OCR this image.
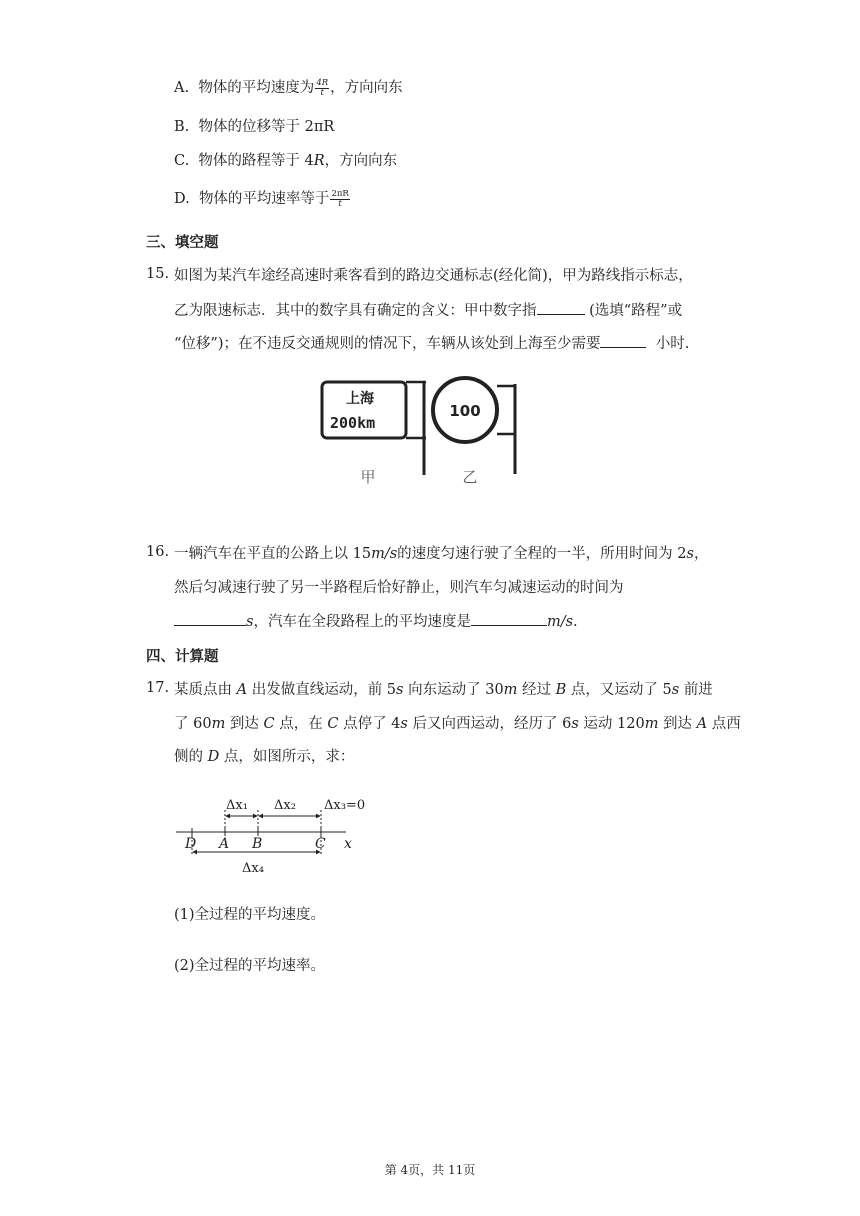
A. 物体的平均速度为 $\frac{4R}{t}$ ，方向向东
B. 物体的位移等于 2πR
C. 物体的路程等于 4R，方向向东
D. 物体的平均速率等于 $\frac{2\pi R}{t}$
三、填空题
15. 如图为某汽车途经高速时乘客看到的路边交通标志(经化简)，甲为路线指示标志，
乙为限速标志．其中的数字具有确定的含义：甲中数字指	(选填“路程”或
“位移”)；在不违反交通规则的情况下，车辆从该处到上海至少需要	小时.
上海
200km
100
甲	乙
16. 一辆汽车在平直的公路上以 15m/s的速度匀速行驶了全程的一半，所用时间为 2s，
然后匀减速行驶了另一半路程后恰好静止，则汽车匀减速运动的时间为
s，汽车在全段路程上的平均速度是	m/s.
四、计算题
17. 某质点由 A 出发做直线运动，前 5s 向东运动了 30m 经过 B 点，又运动了 5s 前进
了 60m 到达 C 点，在 C 点停了 4s 后又向西运动，经历了 6s 运动 120m 到达 A 点西
侧的 D 点，如图所示，求：
Δx₁ Δx₂ Δx₃=0
D A B	C x
Δx₄
(1)全过程的平均速度。
(2)全过程的平均速率。
第 4页，共 11页
